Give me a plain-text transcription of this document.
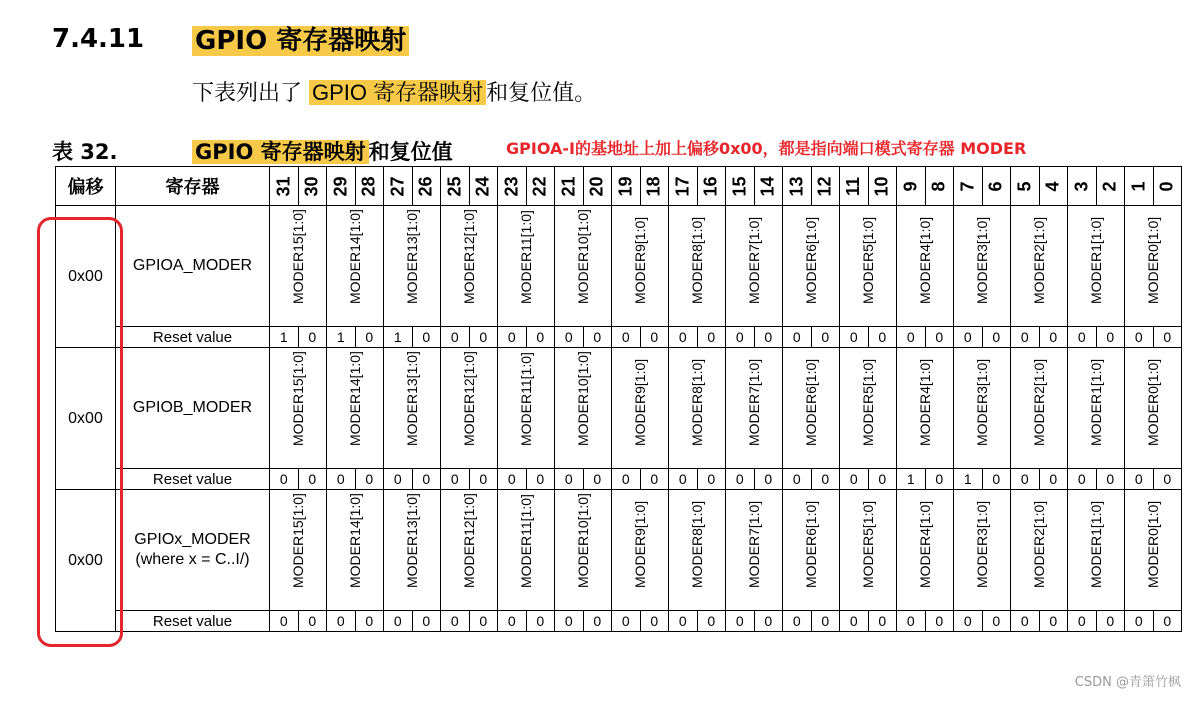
7.4.11 GPIO 寄存器映射
下表列出了 GPIO 寄存器映射 和复位值。
表 32.	GPIO 寄存器映射 和复位值	GPIOA-I的基地址上加上偏移0x00，都是指向端口模式寄存器 MODER
偏移	寄存器	31	30	29	28	27	26	25	24	23	22	21	20	19	18	17	16	15	14	13	12	11	10	9	8	7	6	5	4	3	2	1	0
0x00	GPIOA_MODER	MODER15[1:0]		MODER14[1:0]		MODER13[1:0]		MODER12[1:0]		MODER11[1:0]		MODER10[1:0]		MODER9[1:0]		MODER8[1:0]		MODER7[1:0]		MODER6[1:0]		MODER5[1:0]		MODER4[1:0]		MODER3[1:0]		MODER2[1:0]		MODER1[1:0]		MODER0[1:0]	

	Reset value	1	0	1	0	1	0	0	0	0	0	0	0	0	0	0	0	0	0	0	0	0	0	0	0	0	0	0	0	0	0	0	0
0x00	GPIOB_MODER	MODER15[1:0]		MODER14[1:0]		MODER13[1:0]		MODER12[1:0]		MODER11[1:0]		MODER10[1:0]		MODER9[1:0]		MODER8[1:0]		MODER7[1:0]		MODER6[1:0]		MODER5[1:0]		MODER4[1:0]		MODER3[1:0]		MODER2[1:0]		MODER1[1:0]		MODER0[1:0]	

	Reset value	0	0	0	0	0	0	0	0	0	0	0	0	0	0	0	0	0	0	0	0	0	0	1	0	1	0	0	0	0	0	0	0
0x00	GPIOx_MODER
(where x = C..I/)	MODER15[1:0]		MODER14[1:0]		MODER13[1:0]		MODER12[1:0]		MODER11[1:0]		MODER10[1:0]		MODER9[1:0]		MODER8[1:0]		MODER7[1:0]		MODER6[1:0]		MODER5[1:0]		MODER4[1:0]		MODER3[1:0]		MODER2[1:0]		MODER1[1:0]		MODER0[1:0]	

	Reset value	0	0	0	0	0	0	0	0	0	0	0	0	0	0	0	0	0	0	0	0	0	0	0	0	0	0	0	0	0	0	0	0
CSDN @青箫竹枫
